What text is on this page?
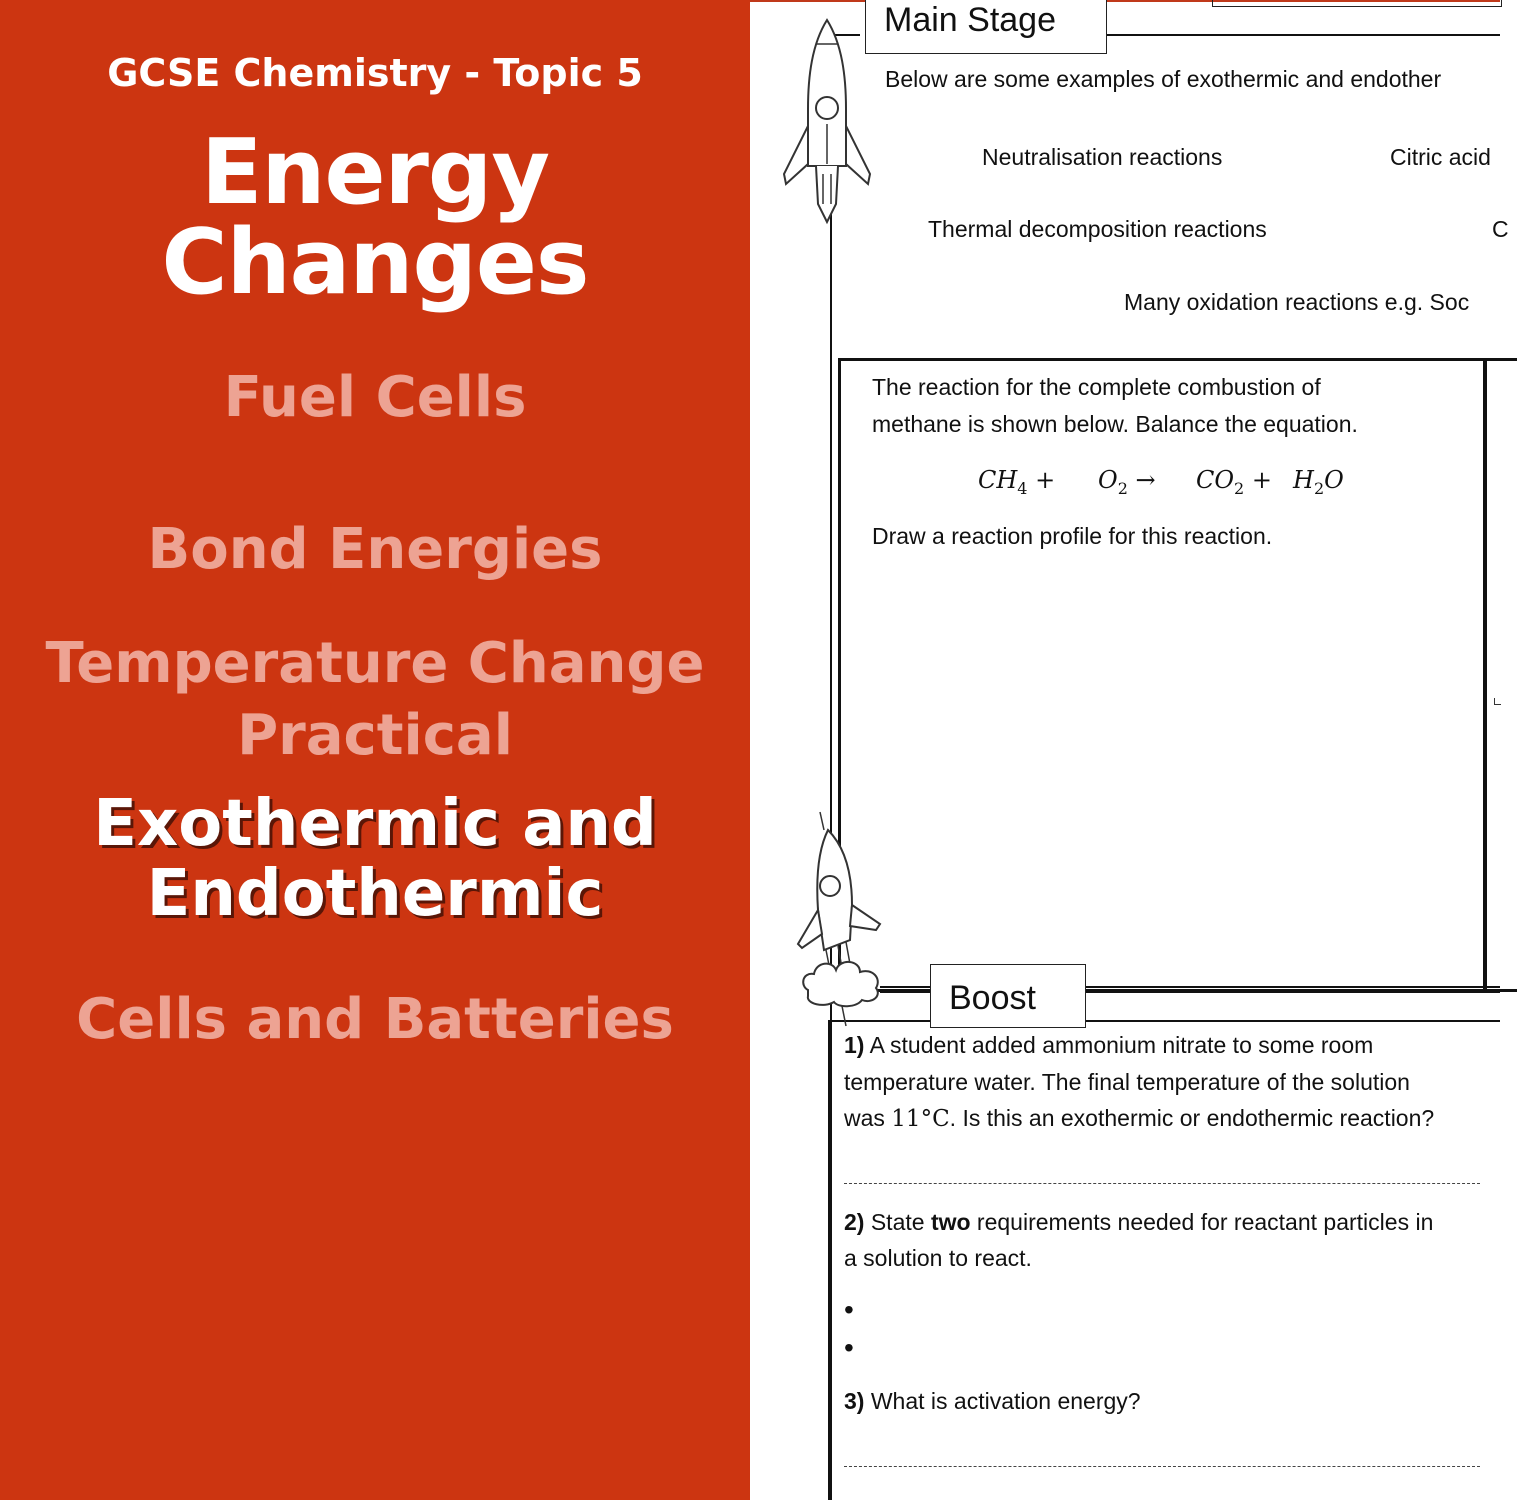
GCSE Chemistry - Topic 5
Energy Changes
Fuel Cells
Bond Energies
Temperature Change
Practical
Exothermic and
Endothermic
Cells and Batteries
Main Stage
Below are some examples of exothermic and endother
Neutralisation reactions	Citric acid
Thermal decomposition reactions	C
Many oxidation reactions e.g. Soc
The reaction for the complete combustion of
methane is shown below. Balance the equation.
$CH_4 + O_2 \to CO_2 + H_2O$
Draw a reaction profile for this reaction.
Boost
1) A student added ammonium nitrate to some room
temperature water. The final temperature of the solution
was 11°C. Is this an exothermic or endothermic reaction?
2) State two requirements needed for reactant particles in
a solution to react.
•
•
3) What is activation energy?
